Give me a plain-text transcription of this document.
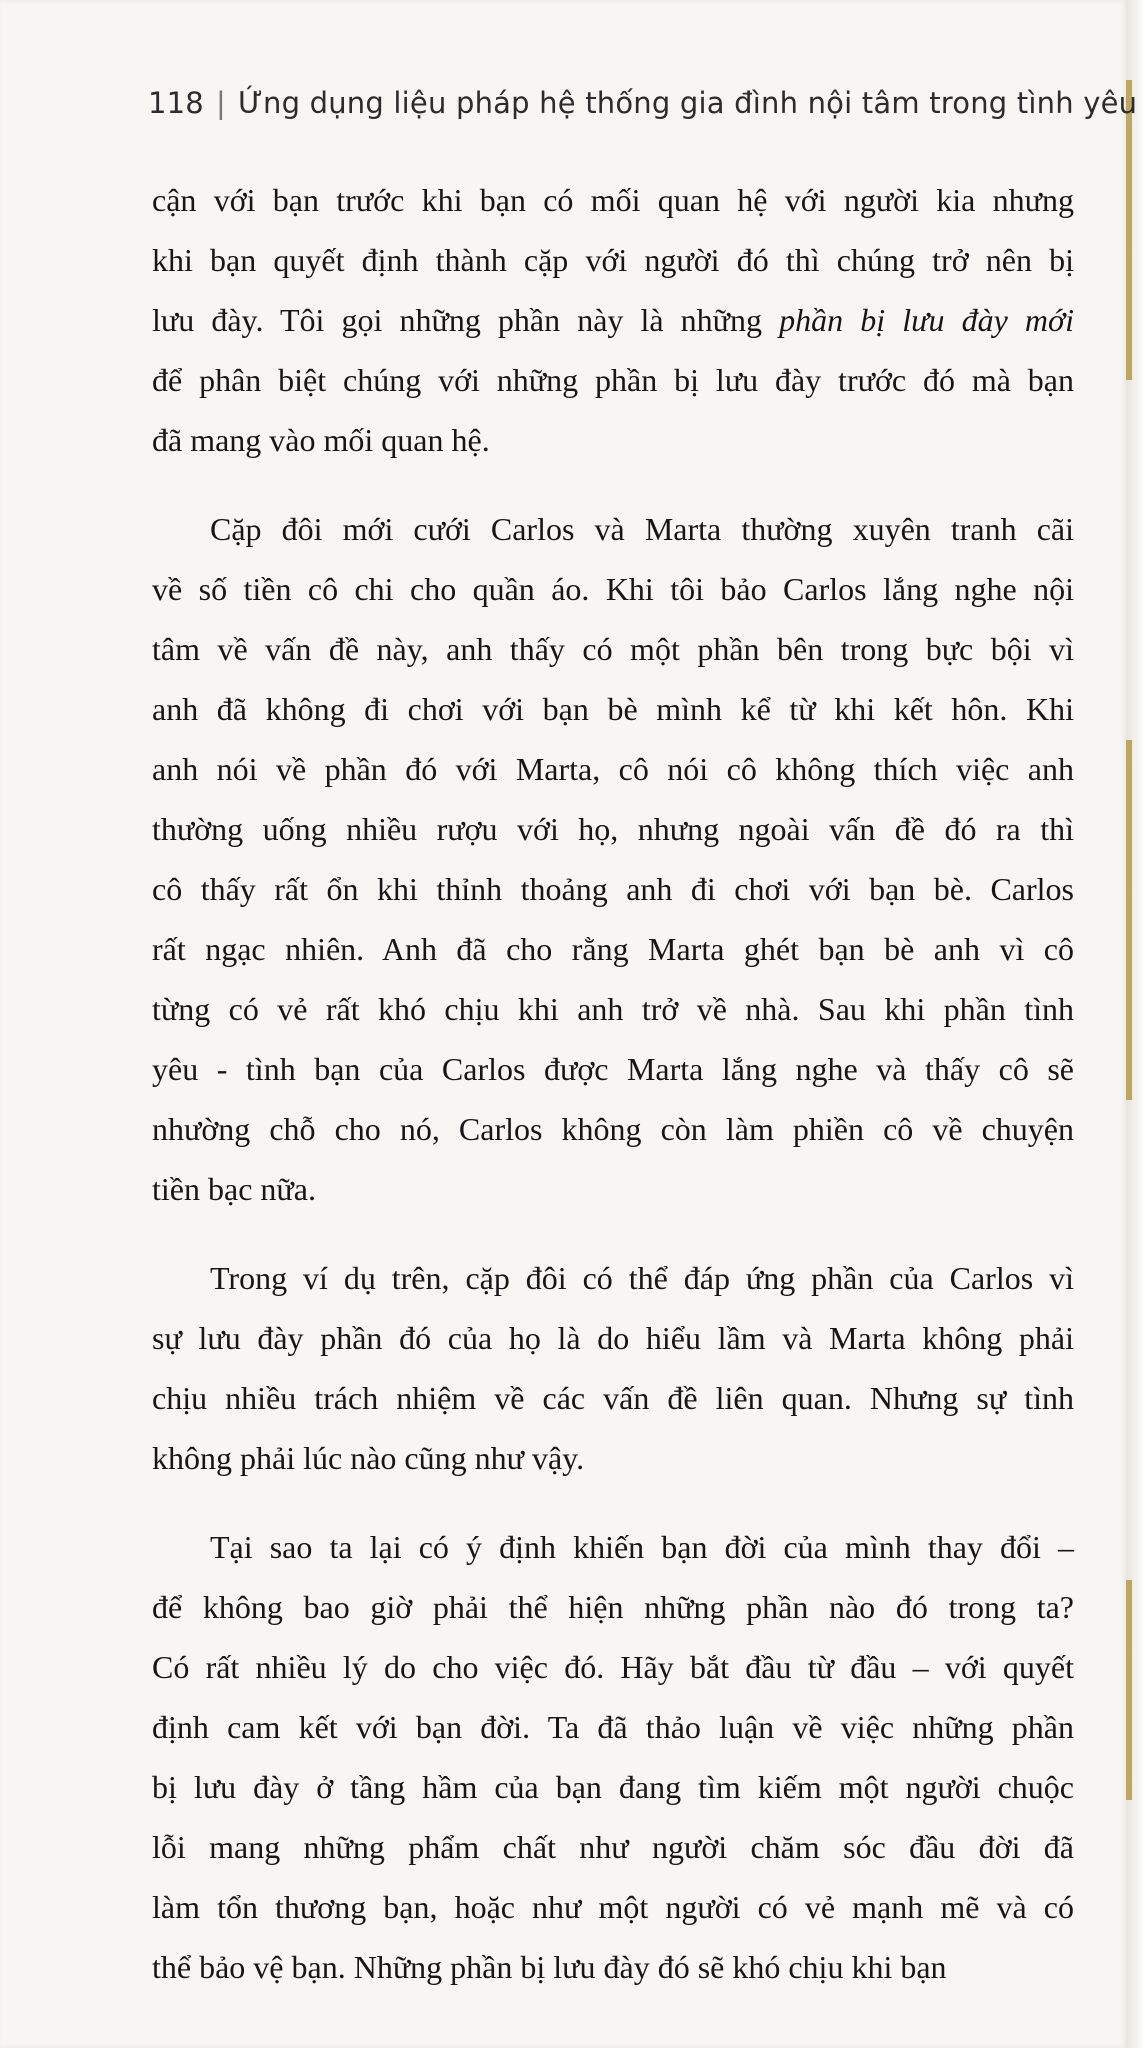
118 | Ứng dụng liệu pháp hệ thống gia đình nội tâm trong tình yêu
cận với bạn trước khi bạn có mối quan hệ với người kia nhưng
khi bạn quyết định thành cặp với người đó thì chúng trở nên bị
lưu đày. Tôi gọi những phần này là những phần bị lưu đày mới
để phân biệt chúng với những phần bị lưu đày trước đó mà bạn
đã mang vào mối quan hệ.
Cặp đôi mới cưới Carlos và Marta thường xuyên tranh cãi
về số tiền cô chi cho quần áo. Khi tôi bảo Carlos lắng nghe nội
tâm về vấn đề này, anh thấy có một phần bên trong bực bội vì
anh đã không đi chơi với bạn bè mình kể từ khi kết hôn. Khi
anh nói về phần đó với Marta, cô nói cô không thích việc anh
thường uống nhiều rượu với họ, nhưng ngoài vấn đề đó ra thì
cô thấy rất ổn khi thỉnh thoảng anh đi chơi với bạn bè. Carlos
rất ngạc nhiên. Anh đã cho rằng Marta ghét bạn bè anh vì cô
từng có vẻ rất khó chịu khi anh trở về nhà. Sau khi phần tình
yêu - tình bạn của Carlos được Marta lắng nghe và thấy cô sẽ
nhường chỗ cho nó, Carlos không còn làm phiền cô về chuyện
tiền bạc nữa.
Trong ví dụ trên, cặp đôi có thể đáp ứng phần của Carlos vì
sự lưu đày phần đó của họ là do hiểu lầm và Marta không phải
chịu nhiều trách nhiệm về các vấn đề liên quan. Nhưng sự tình
không phải lúc nào cũng như vậy.
Tại sao ta lại có ý định khiến bạn đời của mình thay đổi –
để không bao giờ phải thể hiện những phần nào đó trong ta?
Có rất nhiều lý do cho việc đó. Hãy bắt đầu từ đầu – với quyết
định cam kết với bạn đời. Ta đã thảo luận về việc những phần
bị lưu đày ở tầng hầm của bạn đang tìm kiếm một người chuộc
lỗi mang những phẩm chất như người chăm sóc đầu đời đã
làm tổn thương bạn, hoặc như một người có vẻ mạnh mẽ và có
thể bảo vệ bạn. Những phần bị lưu đày đó sẽ khó chịu khi bạn
